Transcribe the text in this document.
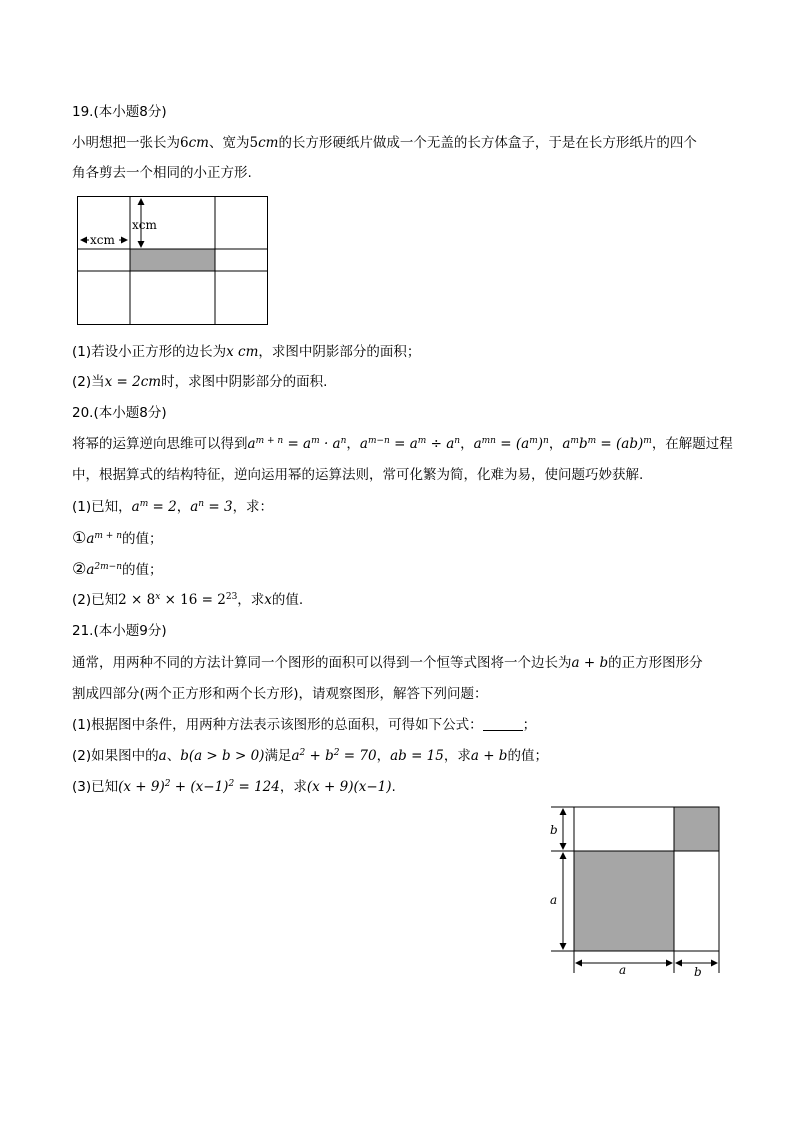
19.(本小题8分)
小明想把一张长为6cm、宽为5cm的长方形硬纸片做成一个无盖的长方体盒子，于是在长方形纸片的四个
角各剪去一个相同的小正方形.
xcm
xcm
(1)若设小正方形的边长为x cm，求图中阴影部分的面积；
(2)当x = 2cm时，求图中阴影部分的面积.
20.(本小题8分)
将幂的运算逆向思维可以得到$a^{m + n} = a^m \cdot a^n$，$a^{m-n} = a^m \div a^n$，$a^{mn} = (a^m)^n$，$a^mb^m = (ab)^m$，在解题过程
中，根据算式的结构特征，逆向运用幂的运算法则，常可化繁为简，化难为易，使问题巧妙获解.
(1)已知，$a^m = 2$，$a^n = 3$，求：
$①a^{m + n}$的值；
$②a^{2m-n}$的值；
(2)已知$2 \times 8^x \times 16 = 2^{23}$，求x的值.
21.(本小题9分)
通常，用两种不同的方法计算同一个图形的面积可以得到一个恒等式图将一个边长为a + b的正方形图形分
割成四部分(两个正方形和两个长方形)，请观察图形，解答下列问题：
(1)根据图中条件，用两种方法表示该图形的总面积，可得如下公式：	；
(2)如果图中的a、b(a > b > 0)满足$a^2 + b^2 = 70$，ab = 15，求a + b的值；
(3)已知$(x + 9)^2 + (x-1)^2 = 124$，求(x + 9)(x−1).
b
a
a	b
